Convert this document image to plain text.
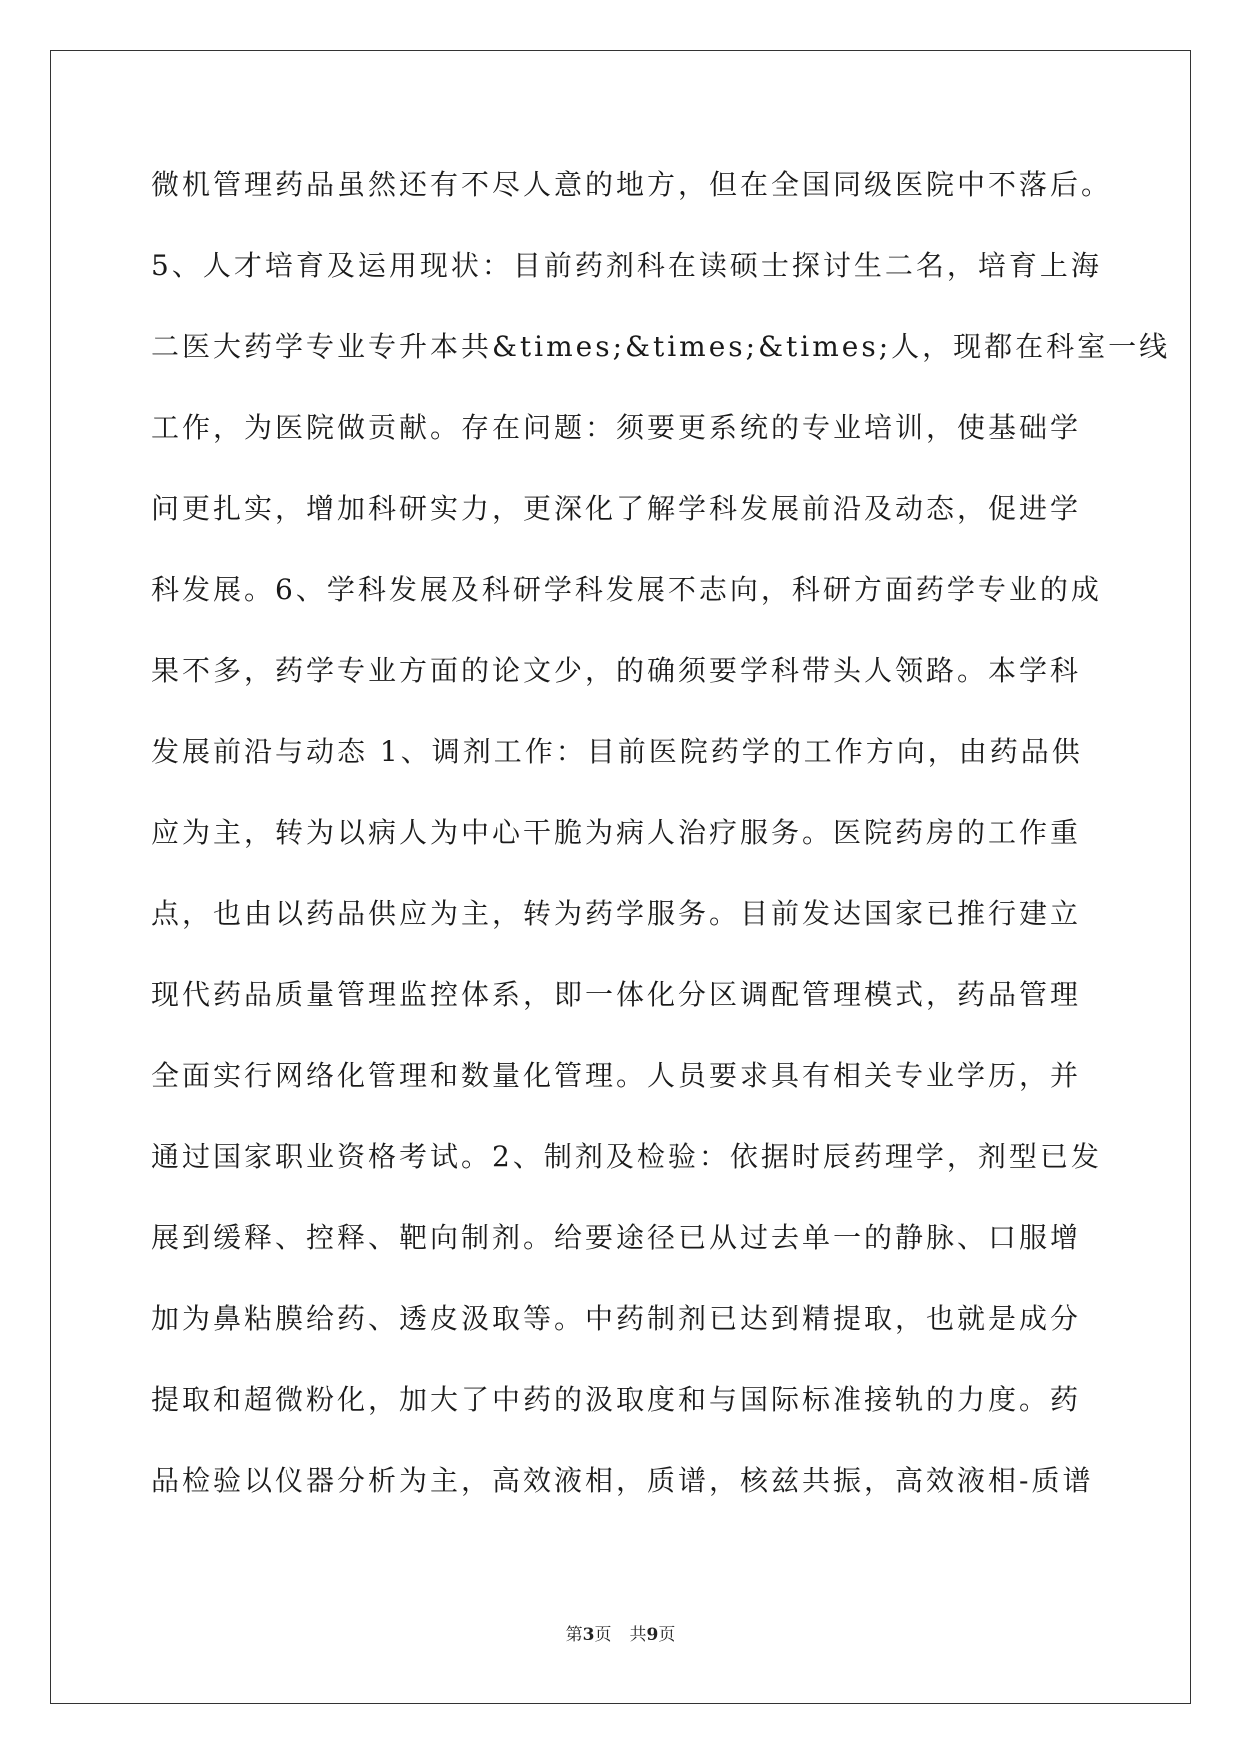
微机管理药品虽然还有不尽人意的地方，但在全国同级医院中不落后。
5、人才培育及运用现状：目前药剂科在读硕士探讨生二名，培育上海
二医大药学专业专升本共&times;&times;&times;人，现都在科室一线
工作，为医院做贡献。存在问题：须要更系统的专业培训，使基础学
问更扎实，增加科研实力，更深化了解学科发展前沿及动态，促进学
科发展。6、学科发展及科研学科发展不志向，科研方面药学专业的成
果不多，药学专业方面的论文少，的确须要学科带头人领路。本学科
发展前沿与动态 1、调剂工作：目前医院药学的工作方向，由药品供
应为主，转为以病人为中心干脆为病人治疗服务。医院药房的工作重
点，也由以药品供应为主，转为药学服务。目前发达国家已推行建立
现代药品质量管理监控体系，即一体化分区调配管理模式，药品管理
全面实行网络化管理和数量化管理。人员要求具有相关专业学历，并
通过国家职业资格考试。2、制剂及检验：依据时辰药理学，剂型已发
展到缓释、控释、靶向制剂。给要途径已从过去单一的静脉、口服增
加为鼻粘膜给药、透皮汲取等。中药制剂已达到精提取，也就是成分
提取和超微粉化，加大了中药的汲取度和与国际标准接轨的力度。药
品检验以仪器分析为主，高效液相，质谱，核兹共振，高效液相-质谱
第3页 共9页
